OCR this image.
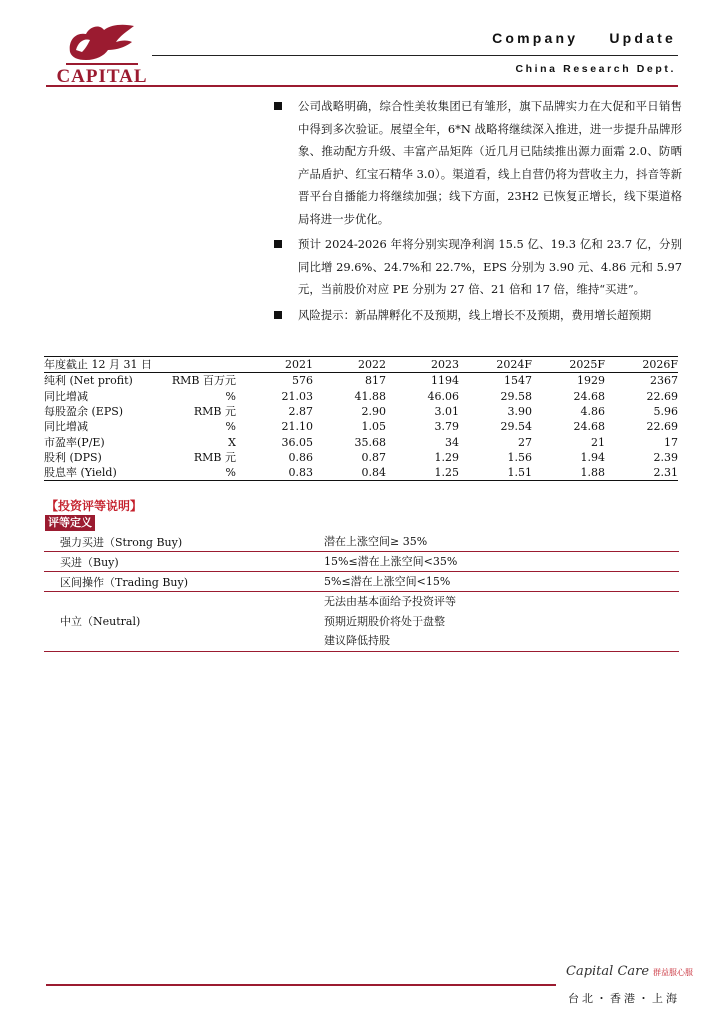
CAPITAL
Company Update
China Research Dept.
公司战略明确，综合性美妆集团已有雏形，旗下品牌实力在大促和平日销售中得到多次验证。展望全年，6*N 战略将继续深入推进，进一步提升品牌形象、推动配方升级、丰富产品矩阵（近几月已陆续推出源力面霜 2.0、防晒产品盾护、红宝石精华 3.0）。渠道看，线上自营仍将为营收主力，抖音等新晋平台自播能力将继续加强；线下方面，23H2 已恢复正增长，线下渠道格局将进一步优化。
预计 2024-2026 年将分别实现净利润 15.5 亿、19.3 亿和 23.7 亿，分别同比增 29.6%、24.7%和 22.7%，EPS 分别为 3.90 元、4.86 元和 5.97 元，当前股价对应 PE 分别为 27 倍、21 倍和 17 倍，维持“买进”。
风险提示：新品牌孵化不及预期，线上增长不及预期，费用增长超预期
年度截止 12 月 31 日		2021	2022	2023	2024F	2025F	2026F
纯利 (Net profit)	RMB 百万元	576	817	1194	1547	1929	2367
同比增减	%	21.03	41.88	46.06	29.58	24.68	22.69
每股盈余 (EPS)	RMB 元	2.87	2.90	3.01	3.90	4.86	5.96
同比增减	%	21.10	1.05	3.79	29.54	24.68	22.69
市盈率(P/E)	X	36.05	35.68	34	27	21	17
股利 (DPS)	RMB 元	0.86	0.87	1.29	1.56	1.94	2.39
股息率 (Yield)	%	0.83	0.84	1.25	1.51	1.88	2.31
【投资评等说明】
评等定义
强力买进（Strong Buy)	潜在上涨空间≥ 35%

买进（Buy)	15%≤潜在上涨空间<35%

区间操作（Trading Buy)	5%≤潜在上涨空间<15%

中立（Neutral)	无法由基本面给予投资评等
预期近期股价将处于盘整
建议降低持股
Capital Care 群益服心服
台北・香港・上海
